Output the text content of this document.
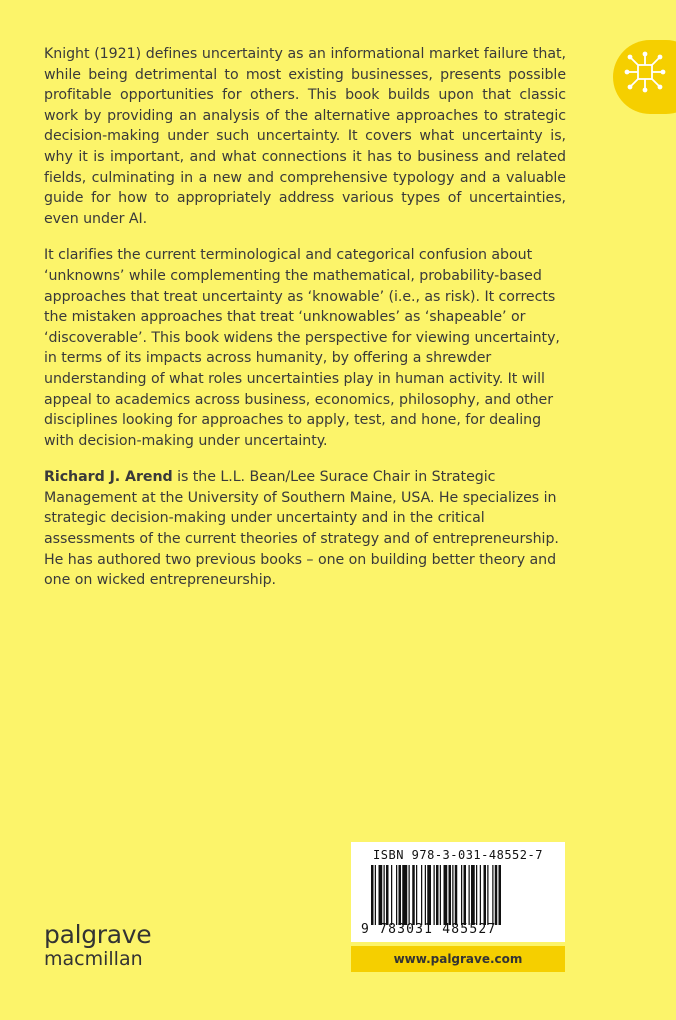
Knight (1921) defines uncertainty as an informational market failure that, while being detrimental to most existing businesses, presents possible profitable opportunities for others. This book builds upon that classic work by providing an analysis of the alternative approaches to strategic decision-making under such uncertainty. It covers what uncertainty is, why it is important, and what connections it has to business and related fields, culminating in a new and comprehensive typology and a valuable guide for how to appropriately address various types of uncertainties, even under AI.

It clarifies the current terminological and categorical confusion about ‘unknowns’ while complementing the mathematical, probability-based approaches that treat uncertainty as ‘knowable’ (i.e., as risk). It corrects the mistaken approaches that treat ‘unknowables’ as ‘shapeable’ or ‘discoverable’. This book widens the perspective for viewing uncertainty, in terms of its impacts across humanity, by offering a shrewder understanding of what roles uncertainties play in human activity. It will appeal to academics across business, economics, philosophy, and other disciplines looking for approaches to apply, test, and hone, for dealing with decision-making under uncertainty.

Richard J. Arend is the L.L. Bean/Lee Surace Chair in Strategic Management at the University of Southern Maine, USA. He specializes in strategic decision-making under uncertainty and in the critical assessments of the current theories of strategy and of entrepreneurship. He has authored two previous books – one on building better theory and one on wicked entrepreneurship.

ISBN 978-3-031-48552-7
9 783031 485527
www.palgrave.com
palgrave
macmillan
